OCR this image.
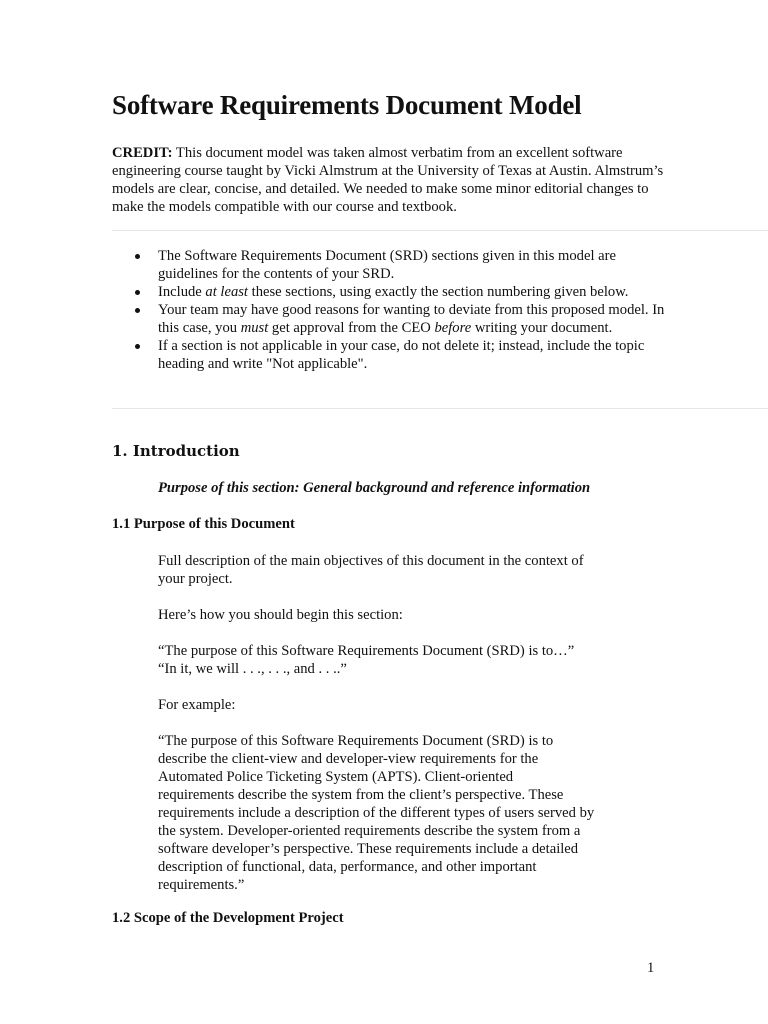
Software Requirements Document Model

CREDIT: This document model was taken almost verbatim from an excellent software engineering course taught by Vicki Almstrum at the University of Texas at Austin. Almstrum’s models are clear, concise, and detailed. We needed to make some minor editorial changes to make the models compatible with our course and textbook.

The Software Requirements Document (SRD) sections given in this model are guidelines for the contents of your SRD.
Include at least these sections, using exactly the section numbering given below.
Your team may have good reasons for wanting to deviate from this proposed model. In this case, you must get approval from the CEO before writing your document.
If a section is not applicable in your case, do not delete it; instead, include the topic heading and write "Not applicable".
1. Introduction

Purpose of this section: General background and reference information

1.1 Purpose of this Document

Full description of the main objectives of this document in the context of
your project.

Here’s how you should begin this section:

“The purpose of this Software Requirements Document (SRD) is to…”
“In it, we will . . ., . . ., and . . ..”

For example:

“The purpose of this Software Requirements Document (SRD) is to
describe the client-view and developer-view requirements for the
Automated Police Ticketing System (APTS). Client-oriented
requirements describe the system from the client’s perspective. These
requirements include a description of the different types of users served by
the system. Developer-oriented requirements describe the system from a
software developer’s perspective. These requirements include a detailed
description of functional, data, performance, and other important
requirements.”

1.2 Scope of the Development Project
1
